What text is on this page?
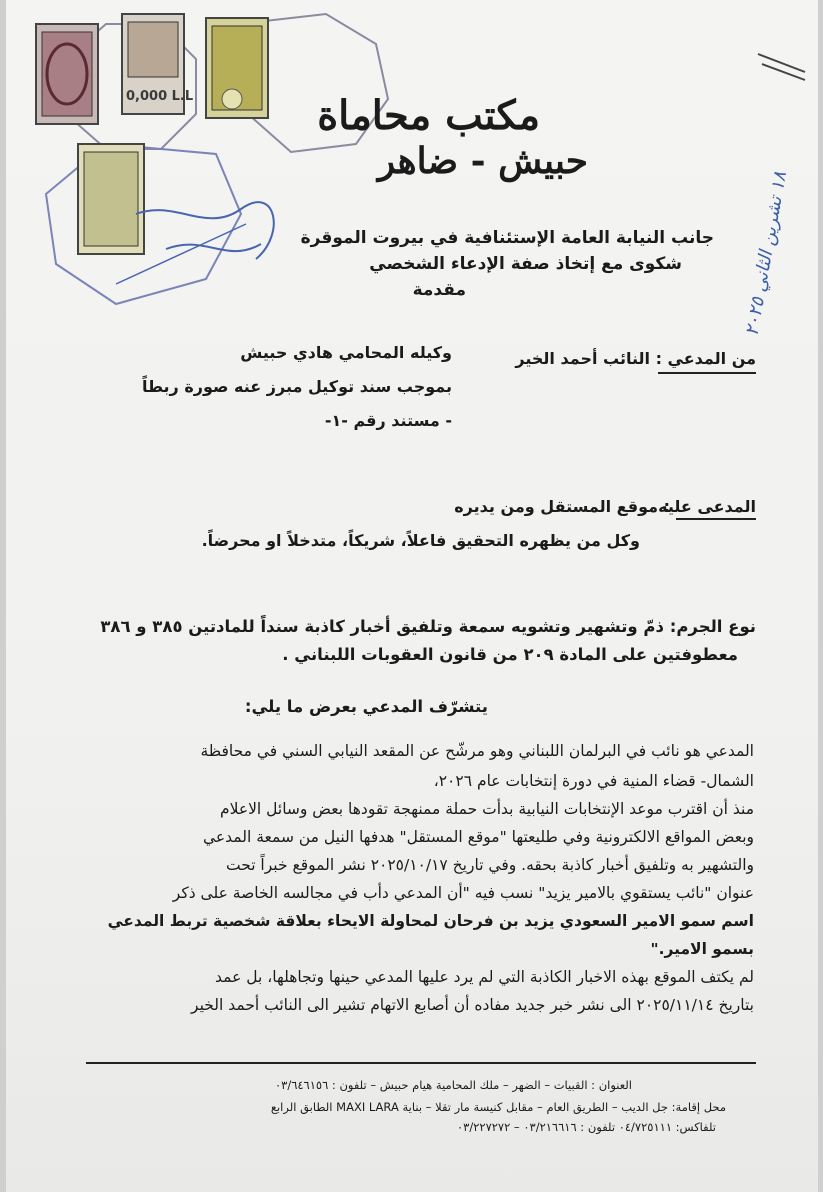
0,000 L.L	مكتب محاماة
حبيش - ضاهر
١٨ تشرين الثاني ٢٠٢٥
جانب النيابة العامة الإستئنافية في بيروت الموقرة
شكوى مع إتخاذ صفة الإدعاء الشخصي
مقدمة
من المدعي :
النائب أحمد الخير
وكيله المحامي هادي حبيش
بموجب سند توكيل مبرز عنه صورة ربطاً
- مستند رقم -١-
المدعى عليه
: موقع المستقل ومن يديره
وكل من يظهره التحقيق فاعلاً، شريكاً، متدخلاً او محرضاً.
نوع الجرم: ذمّ وتشهير وتشويه سمعة وتلفيق أخبار كاذبة سنداً للمادتين ٣٨٥ و ٣٨٦
معطوفتين على المادة ٢٠٩ من قانون العقوبات اللبناني .
يتشرّف المدعي بعرض ما يلي:
المدعي هو نائب في البرلمان اللبناني وهو مرشّح عن المقعد النيابي السني في محافظة
الشمال- قضاء المنية في دورة إنتخابات عام ٢٠٢٦،
منذ أن اقترب موعد الإنتخابات النيابية بدأت حملة ممنهجة تقودها بعض وسائل الاعلام
وبعض المواقع الالكترونية وفي طليعتها "موقع المستقل" هدفها النيل من سمعة المدعي
والتشهير به وتلفيق أخبار كاذبة بحقه. وفي تاريخ ٢٠٢٥/١٠/١٧ نشر الموقع خبراً تحت
عنوان "نائب يستقوي بالامير يزيد" نسب فيه "أن المدعي دأب في مجالسه الخاصة على ذكر
اسم سمو الامير السعودي يزيد بن فرحان لمحاولة الايحاء بعلاقة شخصية تربط المدعي
بسمو الامير."
لم يكتف الموقع بهذه الاخبار الكاذبة التي لم يرد عليها المدعي حينها وتجاهلها، بل عمد
بتاريخ ٢٠٢٥/١١/١٤ الى نشر خبر جديد مفاده أن أصابع الاتهام تشير الى النائب أحمد الخير
العنوان : القبيات – الضهر – ملك المحامية هيام حبيش – تلفون : ٠٣/٦٤٦١٥٦
محل إقامة: جل الديب – الطريق العام – مقابل كنيسة مار تقلا – بناية MAXI LARA الطابق الرابع
تلفاكس: ٠٤/٧٢٥١١١ تلفون : ٠٣/٢١٦٦١٦ – ٠٣/٢٢٧٢٧٢
